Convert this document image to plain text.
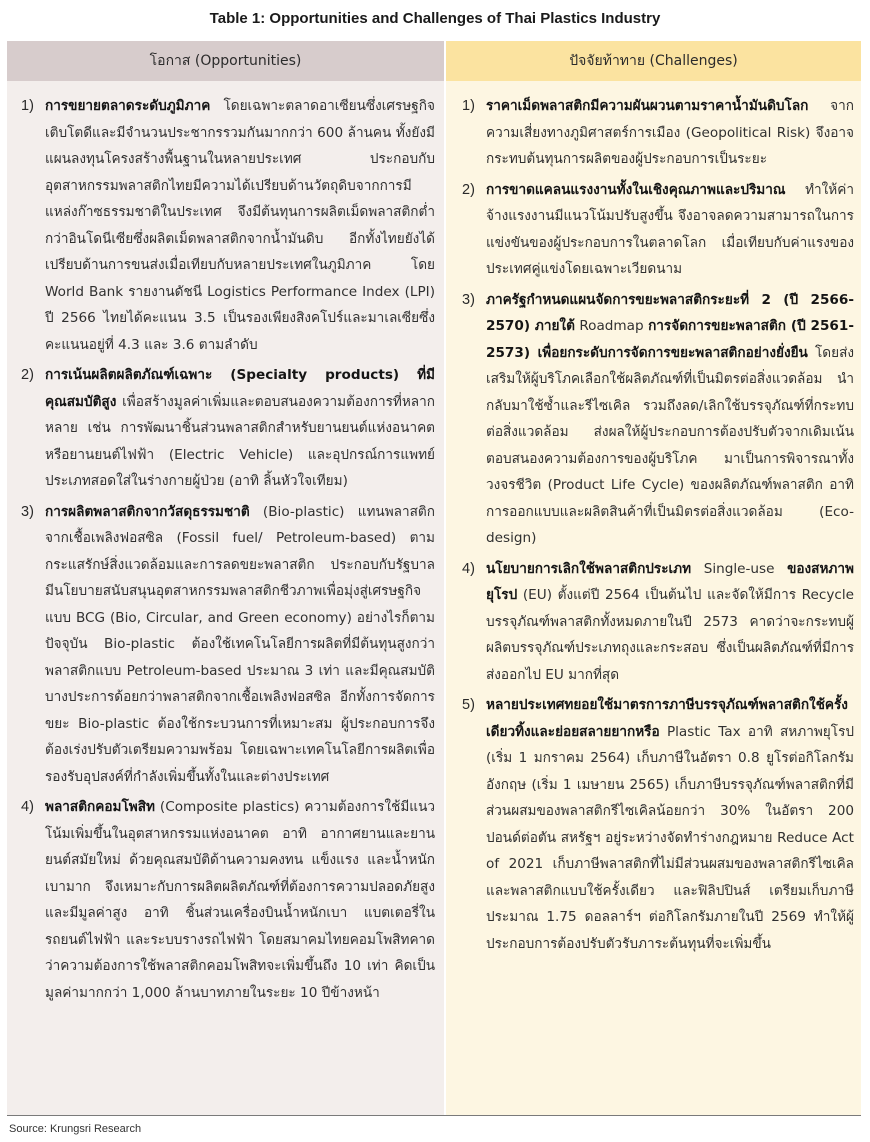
Table 1: Opportunities and Challenges of Thai Plastics Industry
โอกาส (Opportunities)
1) การขยายตลาดระดับภูมิภาค โดยเฉพาะตลาดอาเซียนซึ่งเศรษฐกิจเติบโตดีและมีจำนวนประชากรรวมกันมากกว่า 600 ล้านคน ทั้งยังมีแผนลงทุนโครงสร้างพื้นฐานในหลายประเทศ ประกอบกับอุตสาหกรรมพลาสติกไทยมีความได้เปรียบด้านวัตถุดิบจากการมีแหล่งก๊าซธรรมชาติในประเทศ จึงมีต้นทุนการผลิตเม็ดพลาสติกต่ำกว่าอินโดนีเซียซึ่งผลิตเม็ดพลาสติกจากน้ำมันดิบ อีกทั้งไทยยังได้เปรียบด้านการขนส่งเมื่อเทียบกับหลายประเทศในภูมิภาค โดย World Bank รายงานดัชนี Logistics Performance Index (LPI) ปี 2566 ไทยได้คะแนน 3.5 เป็นรองเพียงสิงคโปร์และมาเลเซียซึ่งคะแนนอยู่ที่ 4.3 และ 3.6 ตามลำดับ

2) การเน้นผลิตผลิตภัณฑ์เฉพาะ (Specialty products) ที่มีคุณสมบัติสูง เพื่อสร้างมูลค่าเพิ่มและตอบสนองความต้องการที่หลากหลาย เช่น การพัฒนาชิ้นส่วนพลาสติกสำหรับยานยนต์แห่งอนาคตหรือยานยนต์ไฟฟ้า (Electric Vehicle) และอุปกรณ์การแพทย์ประเภทสอดใส่ในร่างกายผู้ป่วย (อาทิ ลิ้นหัวใจเทียม)

3) การผลิตพลาสติกจากวัสดุธรรมชาติ (Bio-plastic) แทนพลาสติกจากเชื้อเพลิงฟอสซิล (Fossil fuel/ Petroleum-based) ตามกระแสรักษ์สิ่งแวดล้อมและการลดขยะพลาสติก ประกอบกับรัฐบาลมีนโยบายสนับสนุนอุตสาหกรรมพลาสติกชีวภาพเพื่อมุ่งสู่เศรษฐกิจแบบ BCG (Bio, Circular, and Green economy) อย่างไรก็ตาม ปัจจุบัน Bio-plastic ต้องใช้เทคโนโลยีการผลิตที่มีต้นทุนสูงกว่าพลาสติกแบบ Petroleum-based ประมาณ 3 เท่า และมีคุณสมบัติบางประการด้อยกว่าพลาสติกจากเชื้อเพลิงฟอสซิล อีกทั้งการจัดการขยะ Bio-plastic ต้องใช้กระบวนการที่เหมาะสม ผู้ประกอบการจึงต้องเร่งปรับตัวเตรียมความพร้อม โดยเฉพาะเทคโนโลยีการผลิตเพื่อรองรับอุปสงค์ที่กำลังเพิ่มขึ้นทั้งในและต่างประเทศ

4) พลาสติกคอมโพสิท (Composite plastics) ความต้องการใช้มีแนวโน้มเพิ่มขึ้นในอุตสาหกรรมแห่งอนาคต อาทิ อากาศยานและยานยนต์สมัยใหม่ ด้วยคุณสมบัติด้านความคงทน แข็งแรง และน้ำหนักเบามาก จึงเหมาะกับการผลิตผลิตภัณฑ์ที่ต้องการความปลอดภัยสูงและมีมูลค่าสูง อาทิ ชิ้นส่วนเครื่องบินน้ำหนักเบา แบตเตอรี่ในรถยนต์ไฟฟ้า และระบบรางรถไฟฟ้า โดยสมาคมไทยคอมโพสิทคาดว่าความต้องการใช้พลาสติกคอมโพสิทจะเพิ่มขึ้นถึง 10 เท่า คิดเป็นมูลค่ามากกว่า 1,000 ล้านบาทภายในระยะ 10 ปีข้างหน้า

ปัจจัยท้าทาย (Challenges)
1) ราคาเม็ดพลาสติกมีความผันผวนตามราคาน้ำมันดิบโลก จากความเสี่ยงทางภูมิศาสตร์การเมือง (Geopolitical Risk) จึงอาจกระทบต้นทุนการผลิตของผู้ประกอบการเป็นระยะ

2) การขาดแคลนแรงงานทั้งในเชิงคุณภาพและปริมาณ ทำให้ค่าจ้างแรงงานมีแนวโน้มปรับสูงขึ้น จึงอาจลดความสามารถในการแข่งขันของผู้ประกอบการในตลาดโลก เมื่อเทียบกับค่าแรงของประเทศคู่แข่งโดยเฉพาะเวียดนาม

3) ภาครัฐกำหนดแผนจัดการขยะพลาสติกระยะที่ 2 (ปี 2566-2570) ภายใต้ Roadmap การจัดการขยะพลาสติก (ปี 2561-2573) เพื่อยกระดับการจัดการขยะพลาสติกอย่างยั่งยืน โดยส่งเสริมให้ผู้บริโภคเลือกใช้ผลิตภัณฑ์ที่เป็นมิตรต่อสิ่งแวดล้อม นำกลับมาใช้ซ้ำและรีไซเคิล รวมถึงลด/เลิกใช้บรรจุภัณฑ์ที่กระทบต่อสิ่งแวดล้อม ส่งผลให้ผู้ประกอบการต้องปรับตัวจากเดิมเน้นตอบสนองความต้องการของผู้บริโภค มาเป็นการพิจารณาทั้งวงจรชีวิต (Product Life Cycle) ของผลิตภัณฑ์พลาสติก อาทิ การออกแบบและผลิตสินค้าที่เป็นมิตรต่อสิ่งแวดล้อม (Eco-design)

4) นโยบายการเลิกใช้พลาสติกประเภท Single-use ของสหภาพยุโรป (EU) ตั้งแต่ปี 2564 เป็นต้นไป และจัดให้มีการ Recycle บรรจุภัณฑ์พลาสติกทั้งหมดภายในปี 2573 คาดว่าจะกระทบผู้ผลิตบรรจุภัณฑ์ประเภทถุงและกระสอบ ซึ่งเป็นผลิตภัณฑ์ที่มีการส่งออกไป EU มากที่สุด

5) หลายประเทศทยอยใช้มาตรการภาษีบรรจุภัณฑ์พลาสติกใช้ครั้งเดียวทิ้งและย่อยสลายยากหรือ Plastic Tax อาทิ สหภาพยุโรป (เริ่ม 1 มกราคม 2564) เก็บภาษีในอัตรา 0.8 ยูโรต่อกิโลกรัม อังกฤษ (เริ่ม 1 เมษายน 2565) เก็บภาษีบรรจุภัณฑ์พลาสติกที่มีส่วนผสมของพลาสติกรีไซเคิลน้อยกว่า 30% ในอัตรา 200 ปอนด์ต่อตัน สหรัฐฯ อยู่ระหว่างจัดทำร่างกฎหมาย Reduce Act of 2021 เก็บภาษีพลาสติกที่ไม่มีส่วนผสมของพลาสติกรีไซเคิลและพลาสติกแบบใช้ครั้งเดียว และฟิลิปปินส์ เตรียมเก็บภาษีประมาณ 1.75 ดอลลาร์ฯ ต่อกิโลกรัมภายในปี 2569 ทำให้ผู้ประกอบการต้องปรับตัวรับภาระต้นทุนที่จะเพิ่มขึ้น

Source: Krungsri Research
